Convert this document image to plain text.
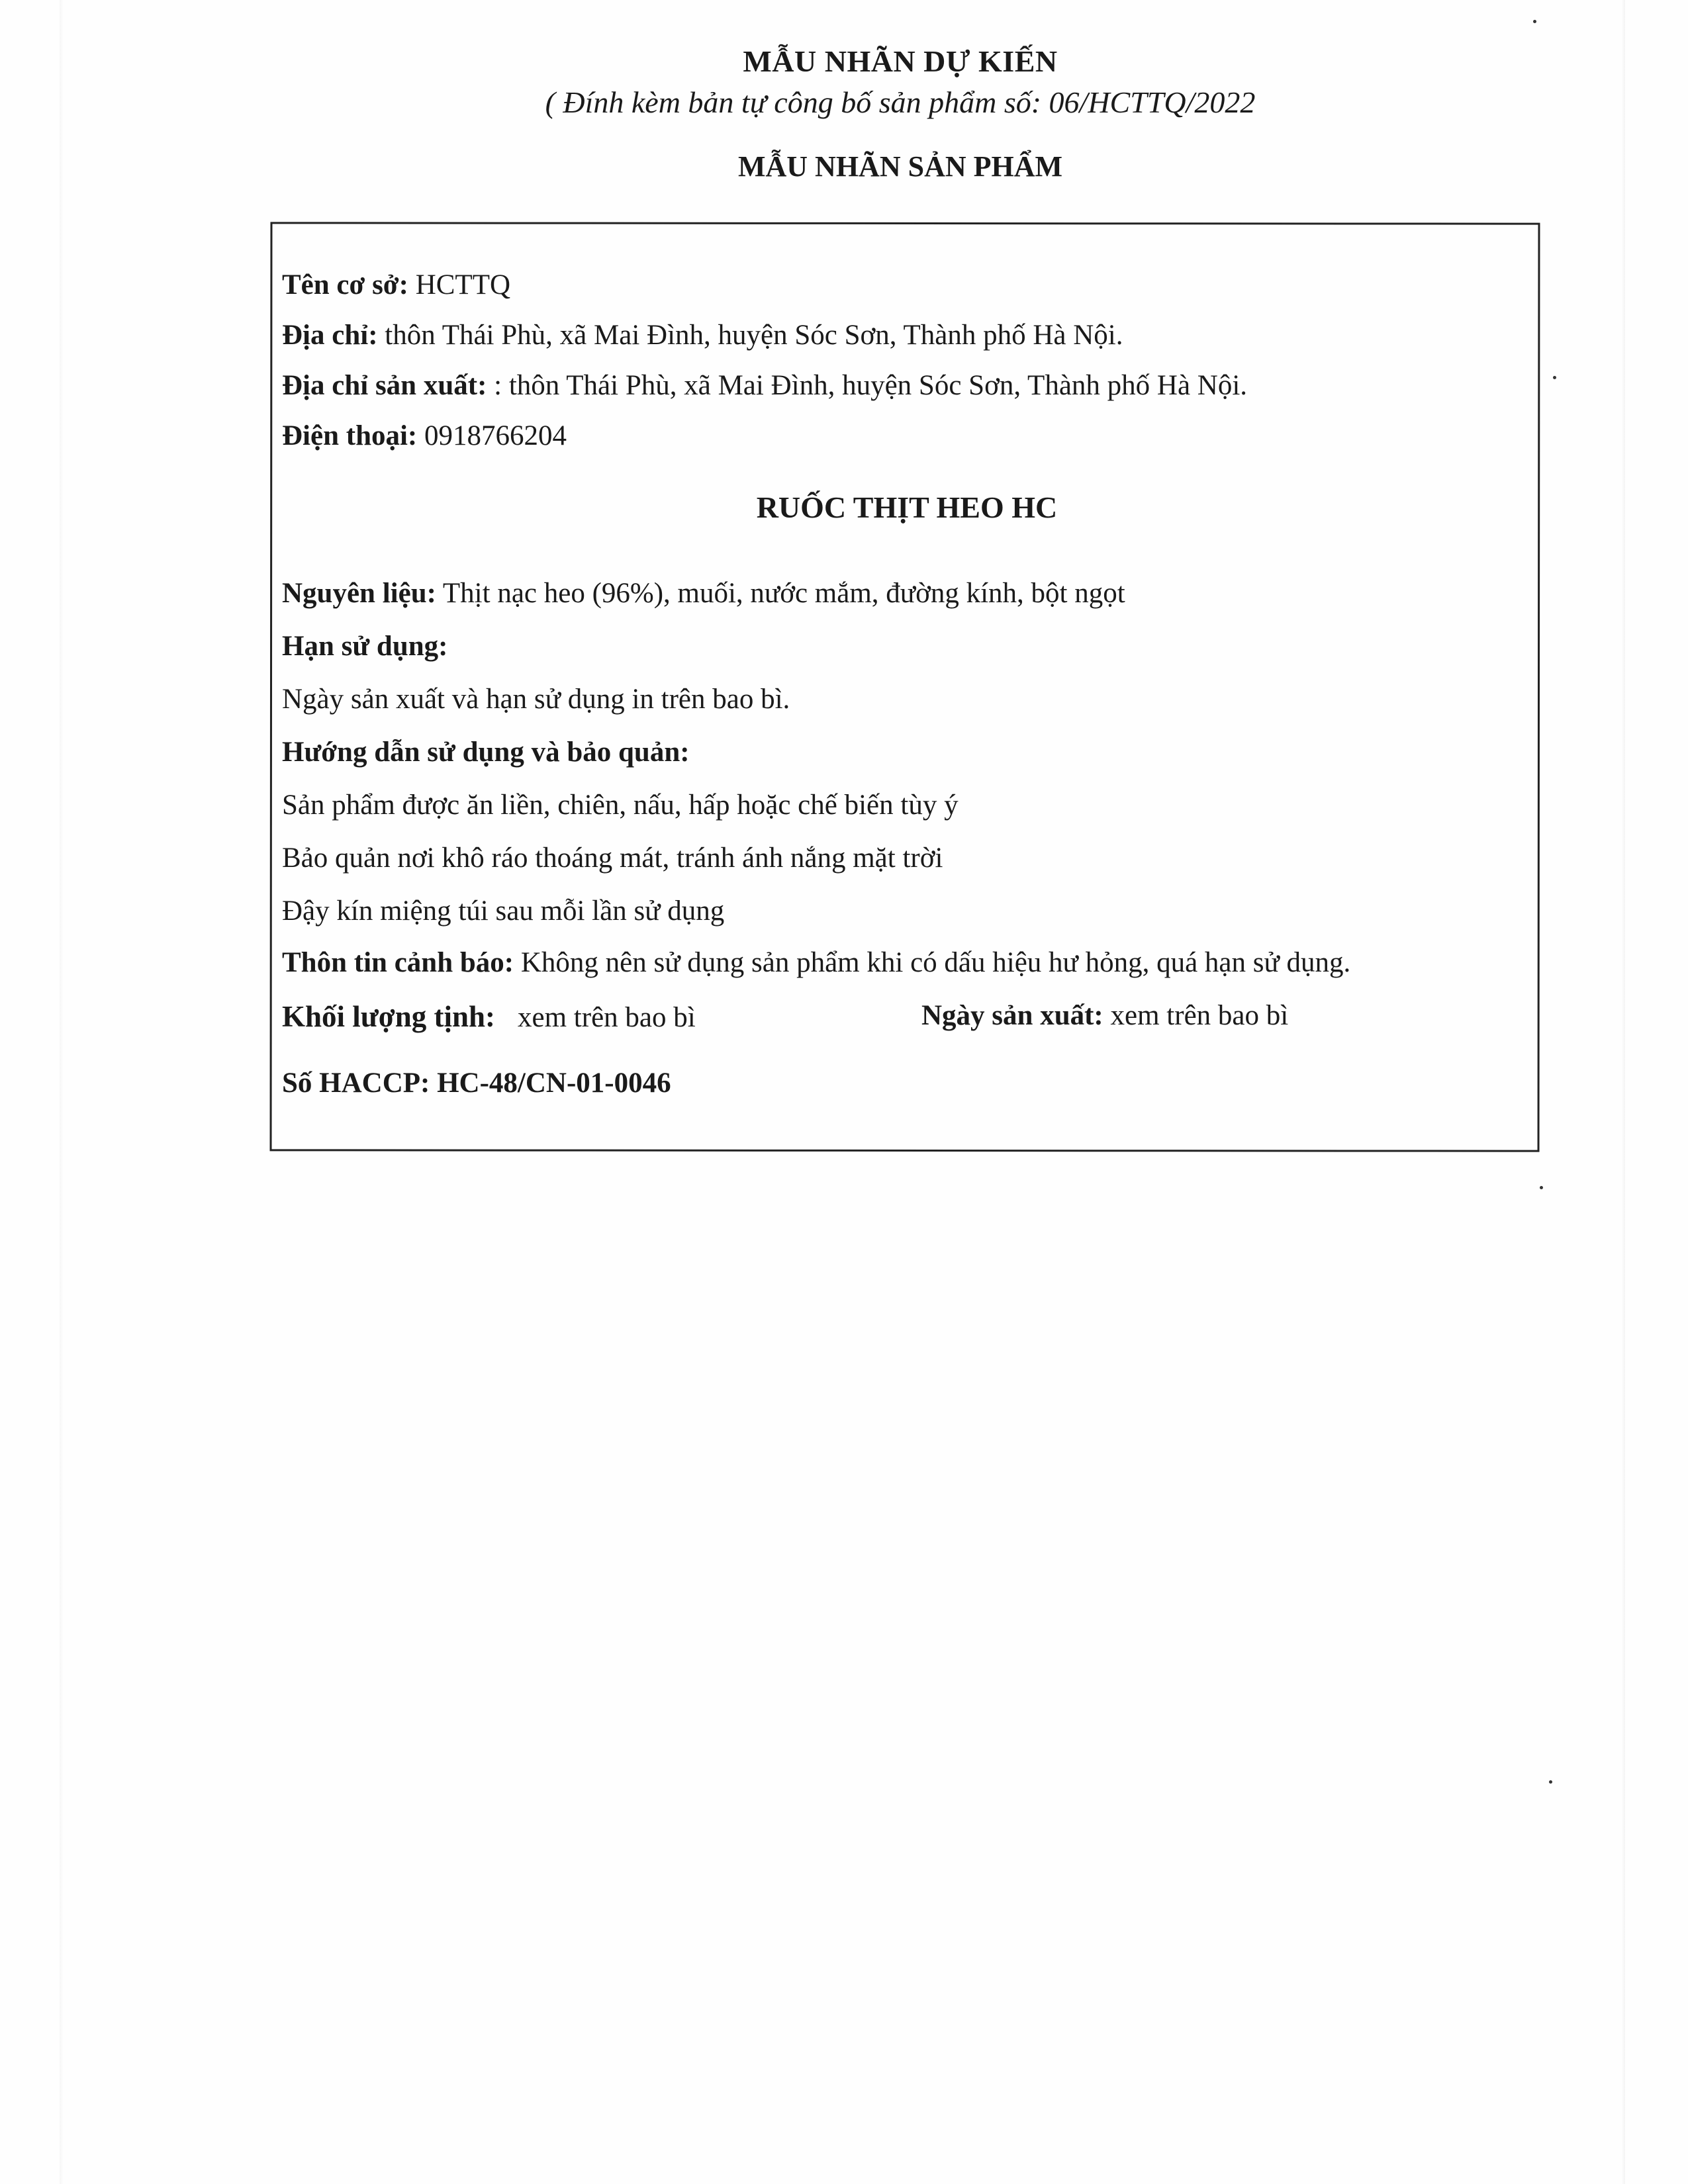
MẪU NHÃN DỰ KIẾN
( Đính kèm bản tự công bố sản phẩm số: 06/HCTTQ/2022
MẪU NHÃN SẢN PHẨM
Tên cơ sở: HCTTQ
Địa chỉ: thôn Thái Phù, xã Mai Đình, huyện Sóc Sơn, Thành phố Hà Nội.
Địa chỉ sản xuất: : thôn Thái Phù, xã Mai Đình, huyện Sóc Sơn, Thành phố Hà Nội.
Điện thoại: 0918766204
RUỐC THỊT HEO HC
Nguyên liệu: Thịt nạc heo (96%), muối, nước mắm, đường kính, bột ngọt
Hạn sử dụng:
Ngày sản xuất và hạn sử dụng in trên bao bì.
Hướng dẫn sử dụng và bảo quản:
Sản phẩm được ăn liền, chiên, nấu, hấp hoặc chế biến tùy ý
Bảo quản nơi khô ráo thoáng mát, tránh ánh nắng mặt trời
Đậy kín miệng túi sau mỗi lần sử dụng
Thôn tin cảnh báo: Không nên sử dụng sản phẩm khi có dấu hiệu hư hỏng, quá hạn sử dụng.
Khối lượng tịnh: xem trên bao bì	Ngày sản xuất: xem trên bao bì
Số HACCP: HC-48/CN-01-0046
